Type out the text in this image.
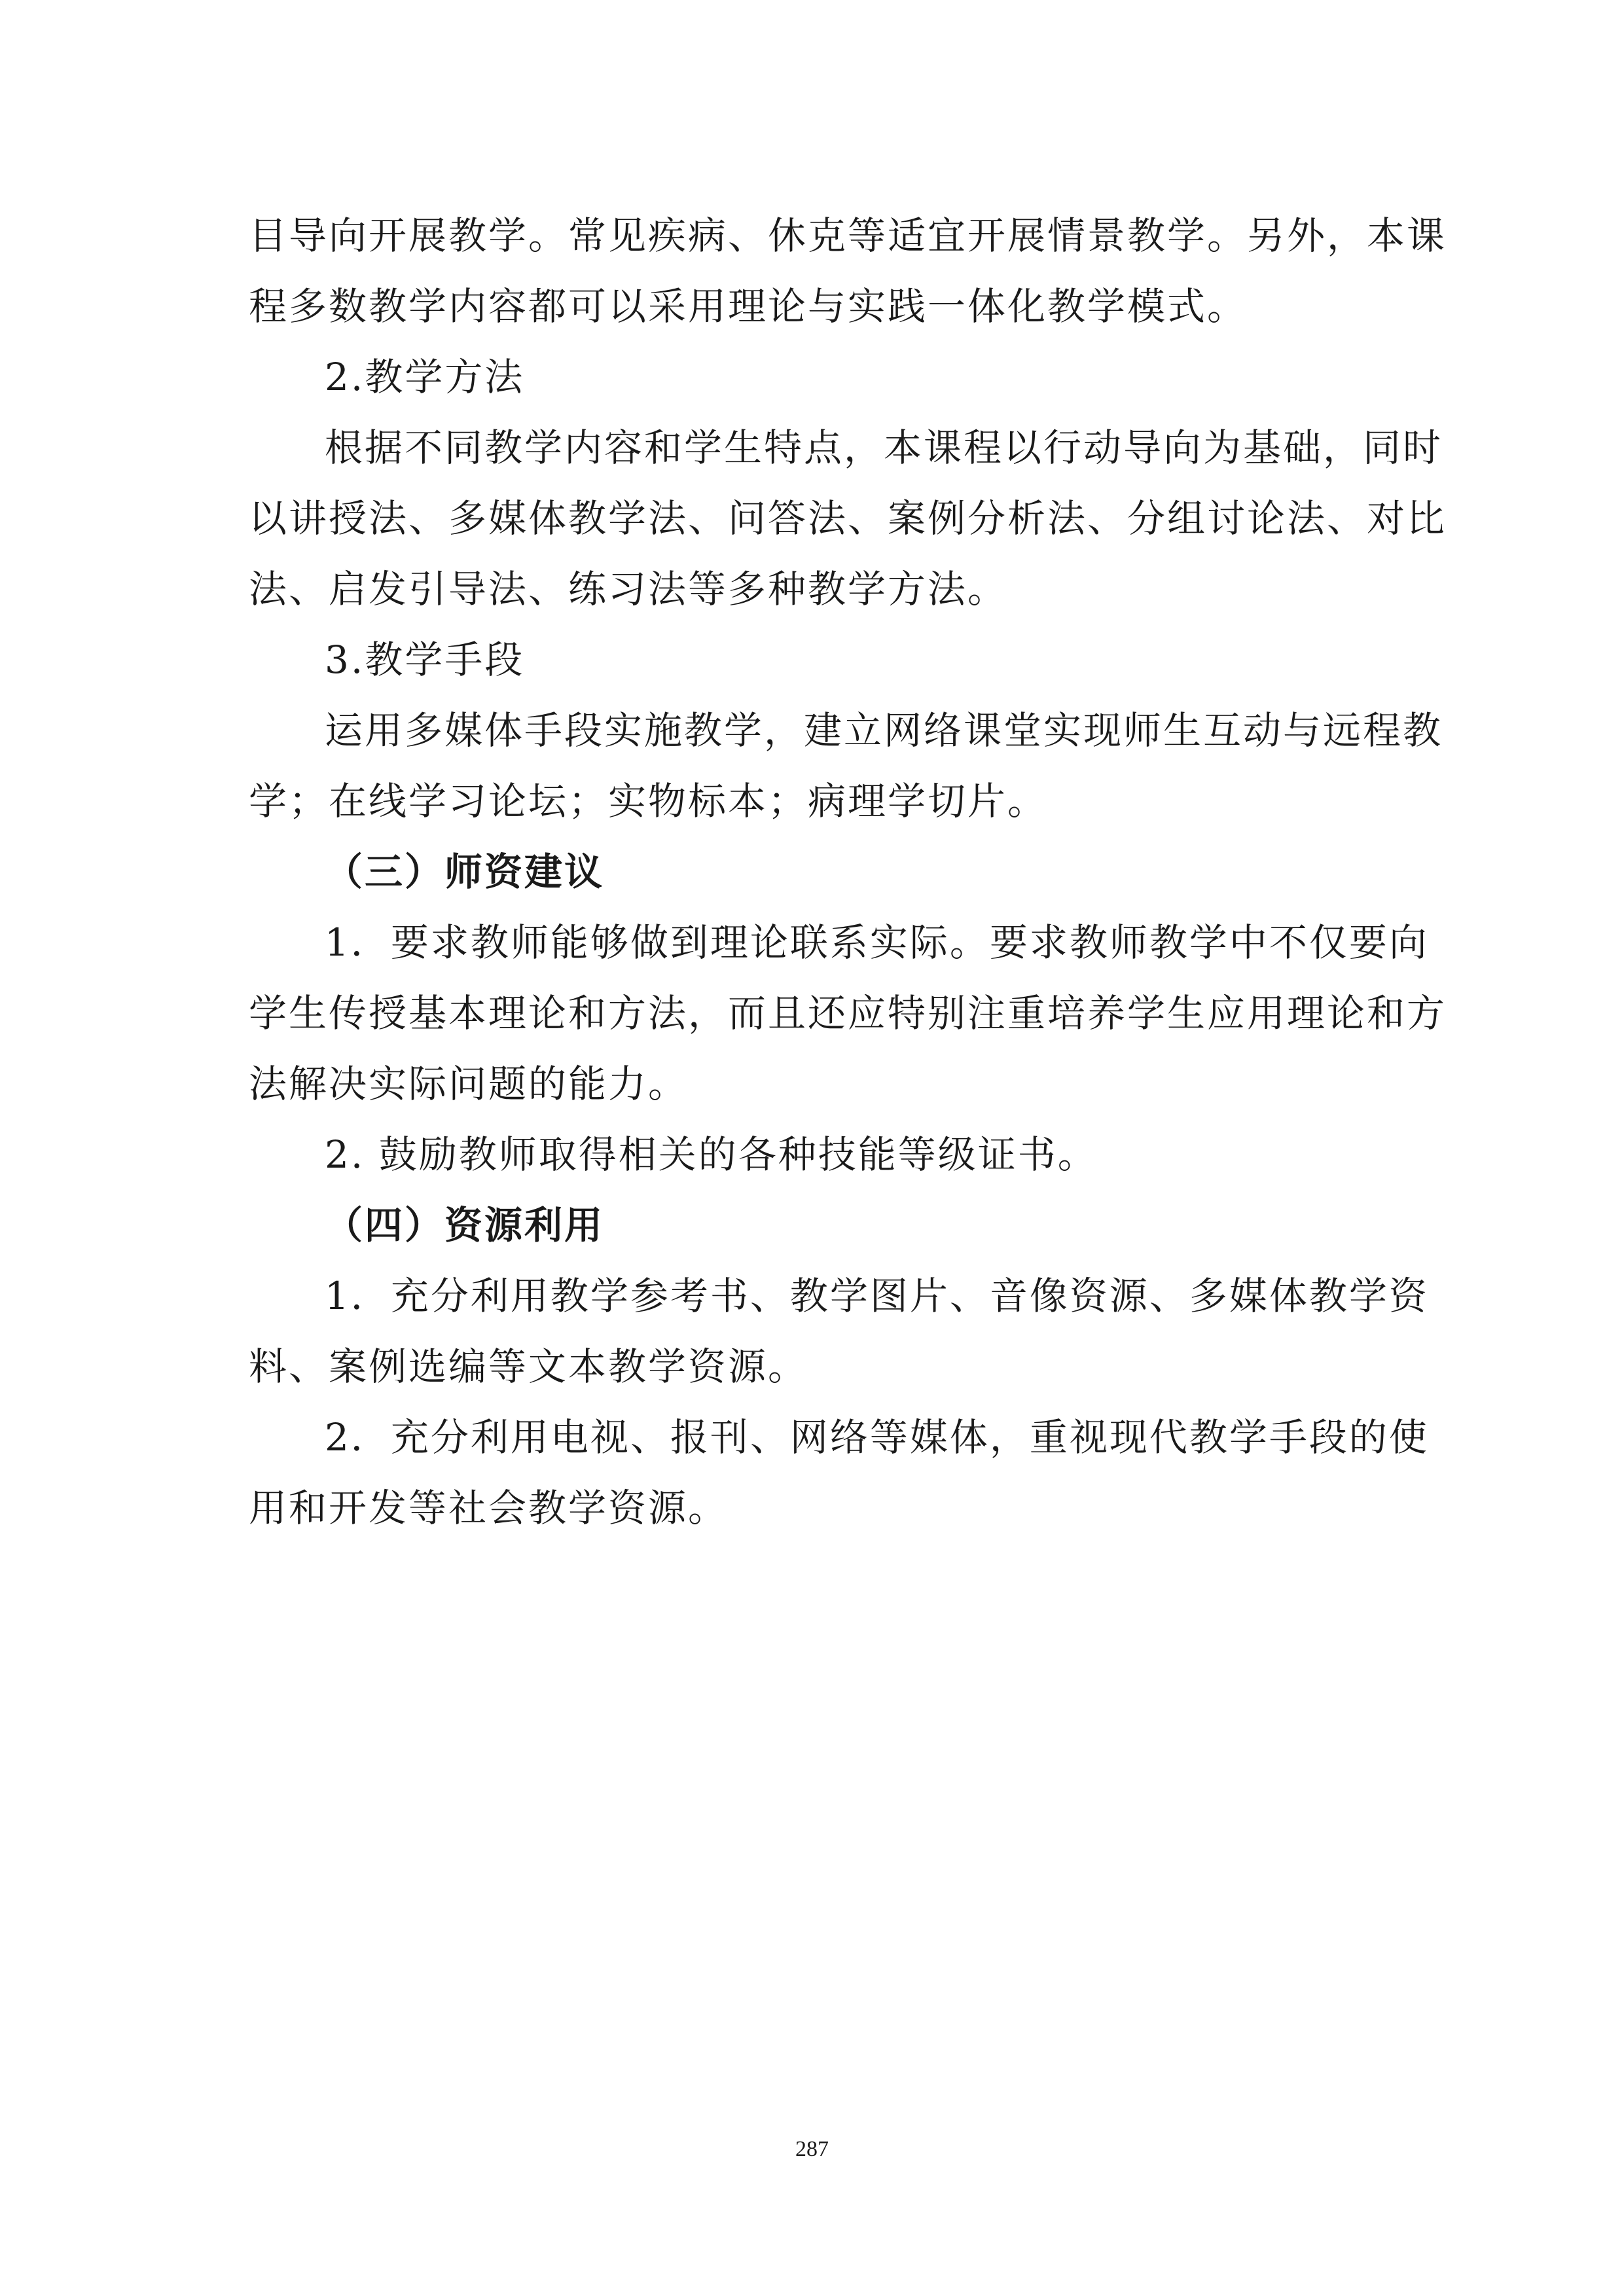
目导向开展教学。常见疾病、休克等适宜开展情景教学。另外，本课
程多数教学内容都可以采用理论与实践一体化教学模式。
2.教学方法
根据不同教学内容和学生特点，本课程以行动导向为基础，同时
以讲授法、多媒体教学法、问答法、案例分析法、分组讨论法、对比
法、启发引导法、练习法等多种教学方法。
3.教学手段
运用多媒体手段实施教学，建立网络课堂实现师生互动与远程教
学；在线学习论坛；实物标本；病理学切片。
（三）师资建议
1．要求教师能够做到理论联系实际。要求教师教学中不仅要向
学生传授基本理论和方法，而且还应特别注重培养学生应用理论和方
法解决实际问题的能力。
2. 鼓励教师取得相关的各种技能等级证书。
（四）资源利用
1．充分利用教学参考书、教学图片、音像资源、多媒体教学资
料、案例选编等文本教学资源。
2．充分利用电视、报刊、网络等媒体，重视现代教学手段的使
用和开发等社会教学资源。
287
